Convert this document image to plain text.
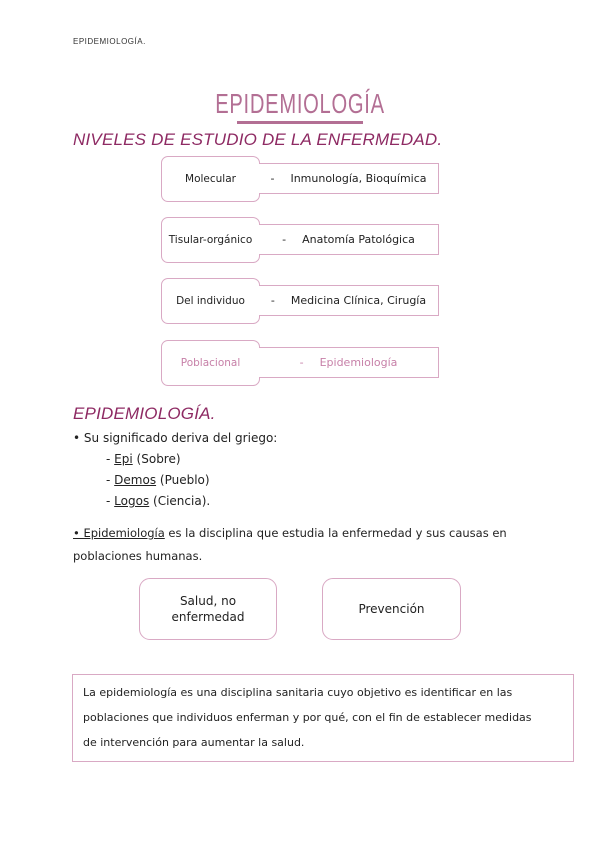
EPIDEMIOLOGÍA.
EPIDEMIOLOGÍA
NIVELES DE ESTUDIO DE LA ENFERMEDAD.
Molecular	- Inmunología, Bioquímica
Tisular-orgánico	- Anatomía Patológica
Del individuo	- Medicina Clínica, Cirugía
Poblacional	- Epidemiología
EPIDEMIOLOGÍA.
• Su significado deriva del griego:
- Epi (Sobre)
- Demos (Pueblo)
- Logos (Ciencia).
• Epidemiología es la disciplina que estudia la enfermedad y sus causas en
poblaciones humanas.
Salud, no enfermedad
Prevención
La epidemiología es una disciplina sanitaria cuyo objetivo es identificar en las
poblaciones que individuos enferman y por qué, con el fin de establecer medidas
de intervención para aumentar la salud.
